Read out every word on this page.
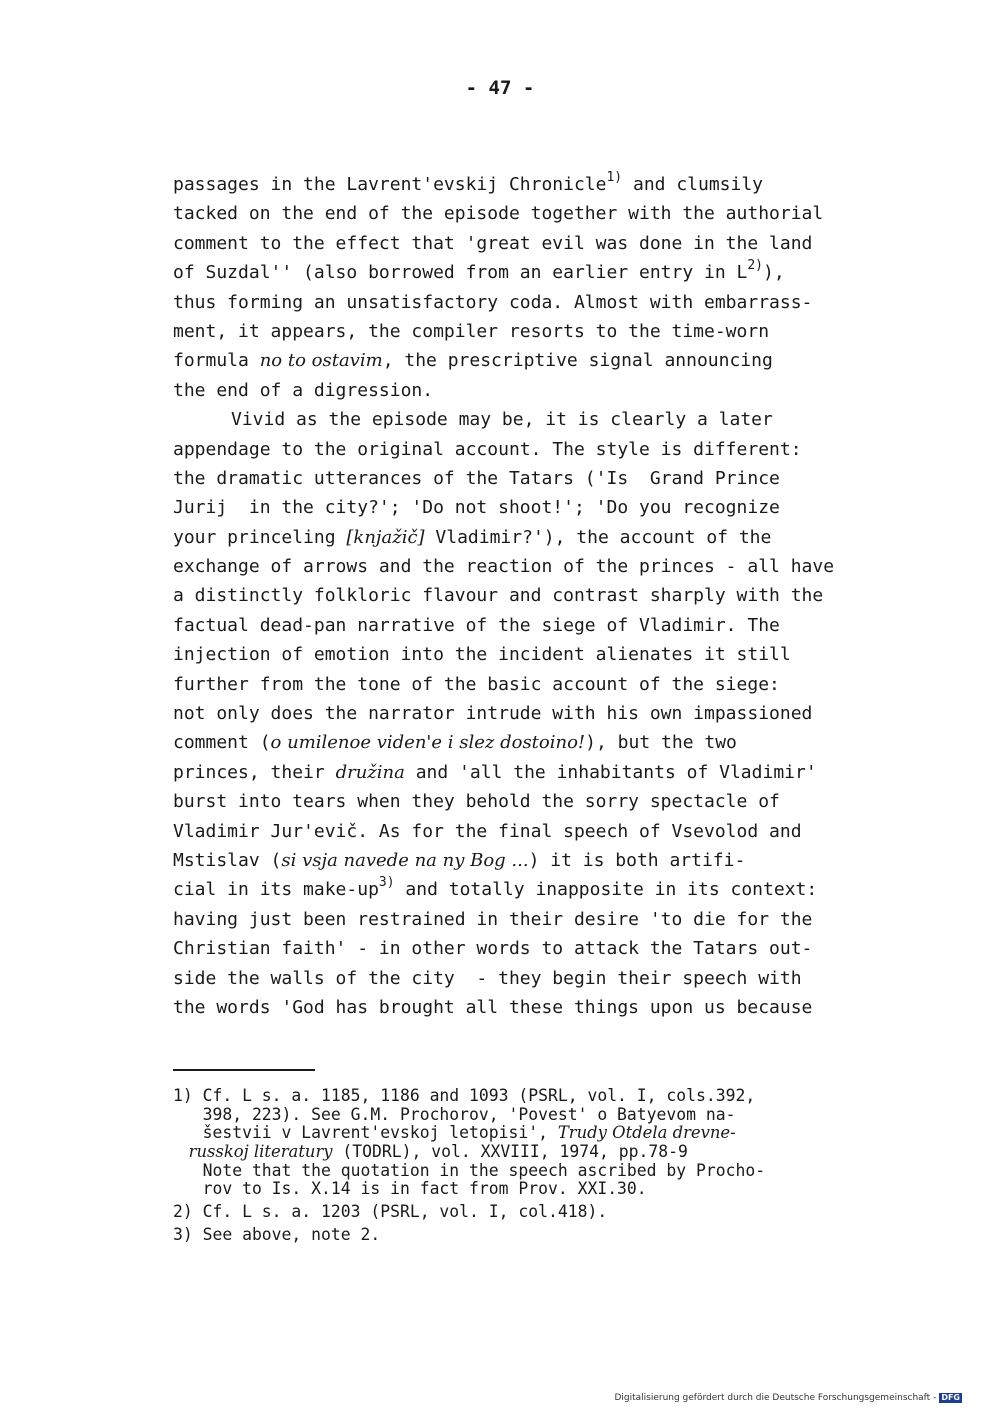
- 47 -
passages in the Lavrent'evskij Chronicle$^{1)}$ and clumsily
tacked on the end of the episode together with the authorial
comment to the effect that 'great evil was done in the land
of Suzdal'' (also borrowed from an earlier entry in $L^{2)}$),
thus forming an unsatisfactory coda. Almost with embarrass-
ment, it appears, the compiler resorts to the time-worn
formula no to ostavim, the prescriptive signal announcing
the end of a digression.
Vivid as the episode may be, it is clearly a later
appendage to the original account. The style is different:
the dramatic utterances of the Tatars ('Is  Grand Prince
Jurij  in the city?'; 'Do not shoot!'; 'Do you recognize
your princeling [knjažič] Vladimir?'), the account of the
exchange of arrows and the reaction of the princes - all have
a distinctly folkloric flavour and contrast sharply with the
factual dead-pan narrative of the siege of Vladimir. The
injection of emotion into the incident alienates it still
further from the tone of the basic account of the siege:
not only does the narrator intrude with his own impassioned
comment (o umilenoe viden'e i slez dostoino!), but the two
princes, their družina and 'all the inhabitants of Vladimir'
burst into tears when they behold the sorry spectacle of
Vladimir Jur'evič. As for the final speech of Vsevolod and
Mstislav (si vsja navede na ny Bog ...) it is both artifi-
cial in its make-$up^{3)}$ and totally inapposite in its context:
having just been restrained in their desire 'to die for the
Christian faith' - in other words to attack the Tatars out-
side the walls of the city  - they begin their speech with
the words 'God has brought all these things upon us because
1) Cf. L s. a. 1185, 1186 and 1093 (PSRL, vol. I, cols.392,
398, 223). See G.M. Prochorov, 'Povest' o Batyevom na-
šestvii v Lavrent'evskoj letopisi', Trudy Otdela drevne-
russkoj literatury (TODRL), vol. XXVIII, 1974, pp.78-9
Note that the quotation in the speech ascribed by Procho-
rov to Is. X.14 is in fact from Prov. XXI.30.
2) Cf. L s. a. 1203 (PSRL, vol. I, col.418).
3) See above, note 2.
Digitalisierung gefördert durch die Deutsche Forschungsgemeinschaft - DFG
